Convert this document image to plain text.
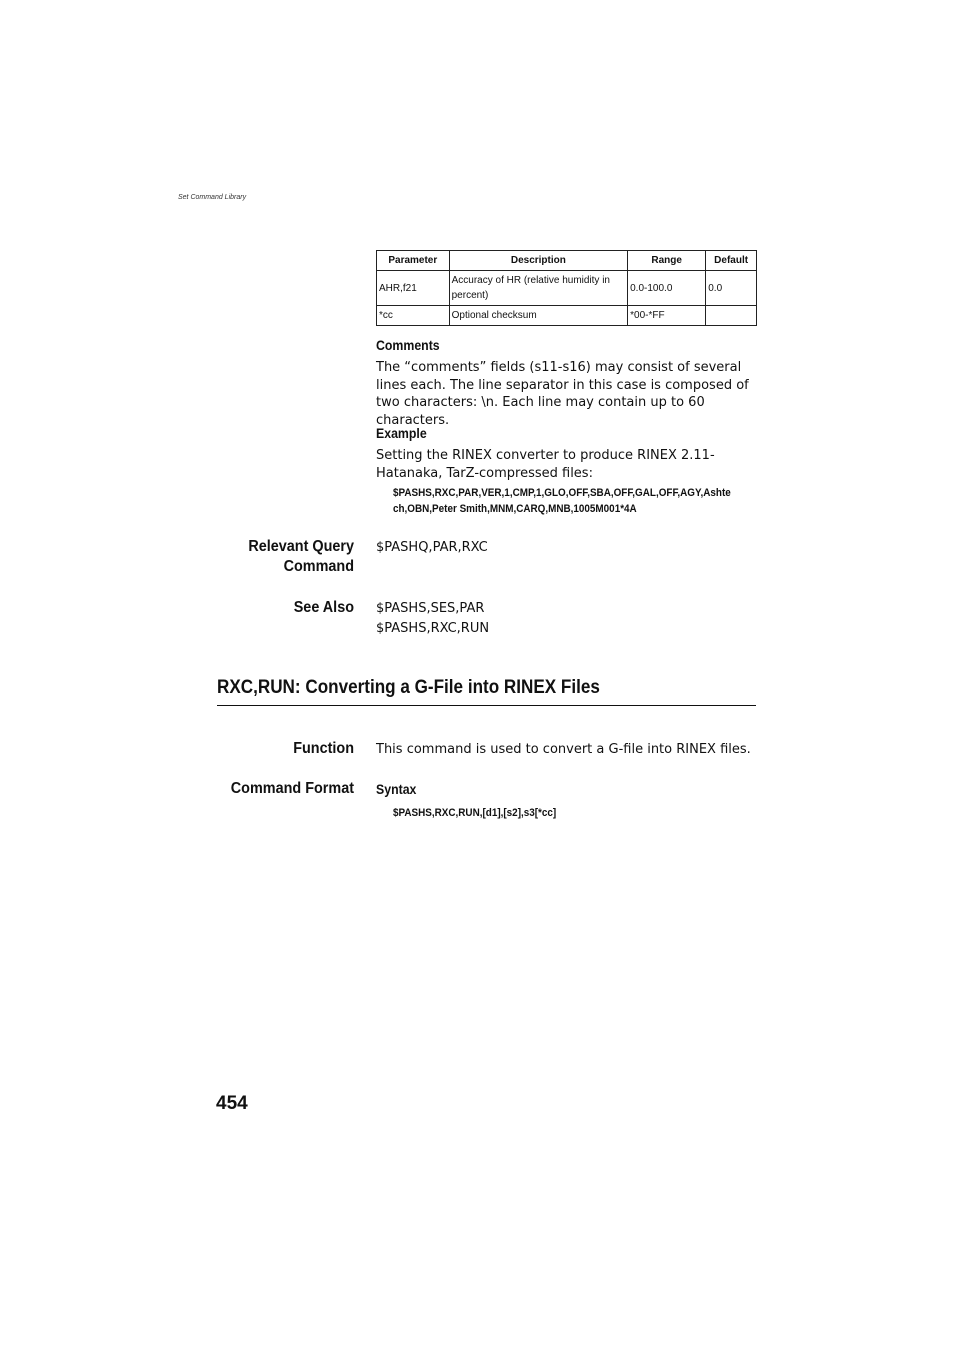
Set Command Library
Parameter	Description	Range	Default
AHR,f21	Accuracy of HR (relative humidity in percent)	0.0-100.0	0.0
*cc	Optional checksum	*00-*FF	
Comments
The “comments” fields (s11-s16) may consist of several lines each. The line separator in this case is composed of two characters: \n. Each line may contain up to 60 characters.
Example
Setting the RINEX converter to produce RINEX 2.11-Hatanaka, TarZ-compressed files:
$PASHS,RXC,PAR,VER,1,CMP,1,GLO,OFF,SBA,OFF,GAL,OFF,AGY,Ashte
ch,OBN,Peter Smith,MNM,CARQ,MNB,1005M001*4A
Relevant Query
Command
$PASHQ,PAR,RXC
See Also $PASHS,SES,PAR
$PASHS,RXC,RUN
RXC,RUN: Converting a G-File into RINEX Files
Function This command is used to convert a G-file into RINEX files.
Command Format Syntax
$PASHS,RXC,RUN,[d1],[s2],s3[*cc]
454
